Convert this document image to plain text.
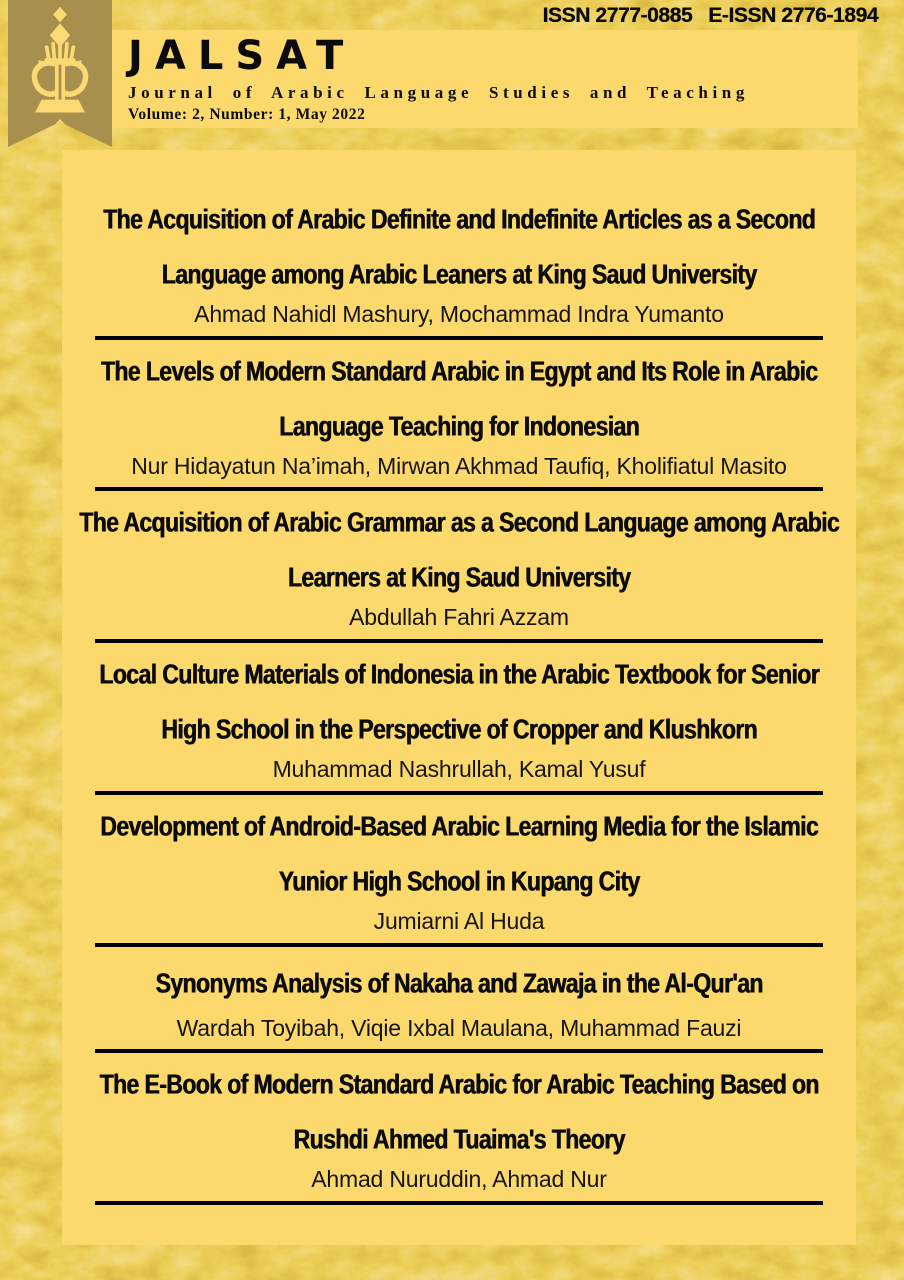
ISSN 2777-0885 E-ISSN 2776-1894
JALSAT
Journal of Arabic Language Studies and Teaching
Volume: 2, Number: 1, May 2022
The Acquisition of Arabic Definite and Indefinite Articles as a Second Language among Arabic Leaners at King Saud University
Ahmad Nahidl Mashury, Mochammad Indra Yumanto
The Levels of Modern Standard Arabic in Egypt and Its Role in Arabic Language Teaching for Indonesian
Nur Hidayatun Na’imah, Mirwan Akhmad Taufiq, Kholifiatul Masito
The Acquisition of Arabic Grammar as a Second Language among Arabic Learners at King Saud University
Abdullah Fahri Azzam
Local Culture Materials of Indonesia in the Arabic Textbook for Senior High School in the Perspective of Cropper and Klushkorn
Muhammad Nashrullah, Kamal Yusuf
Development of Android-Based Arabic Learning Media for the Islamic Yunior High School in Kupang City
Jumiarni Al Huda
Synonyms Analysis of Nakaha and Zawaja in the Al-Qur'an
Wardah Toyibah, Viqie Ixbal Maulana, Muhammad Fauzi
The E-Book of Modern Standard Arabic for Arabic Teaching Based on Rushdi Ahmed Tuaima's Theory
Ahmad Nuruddin, Ahmad Nur
